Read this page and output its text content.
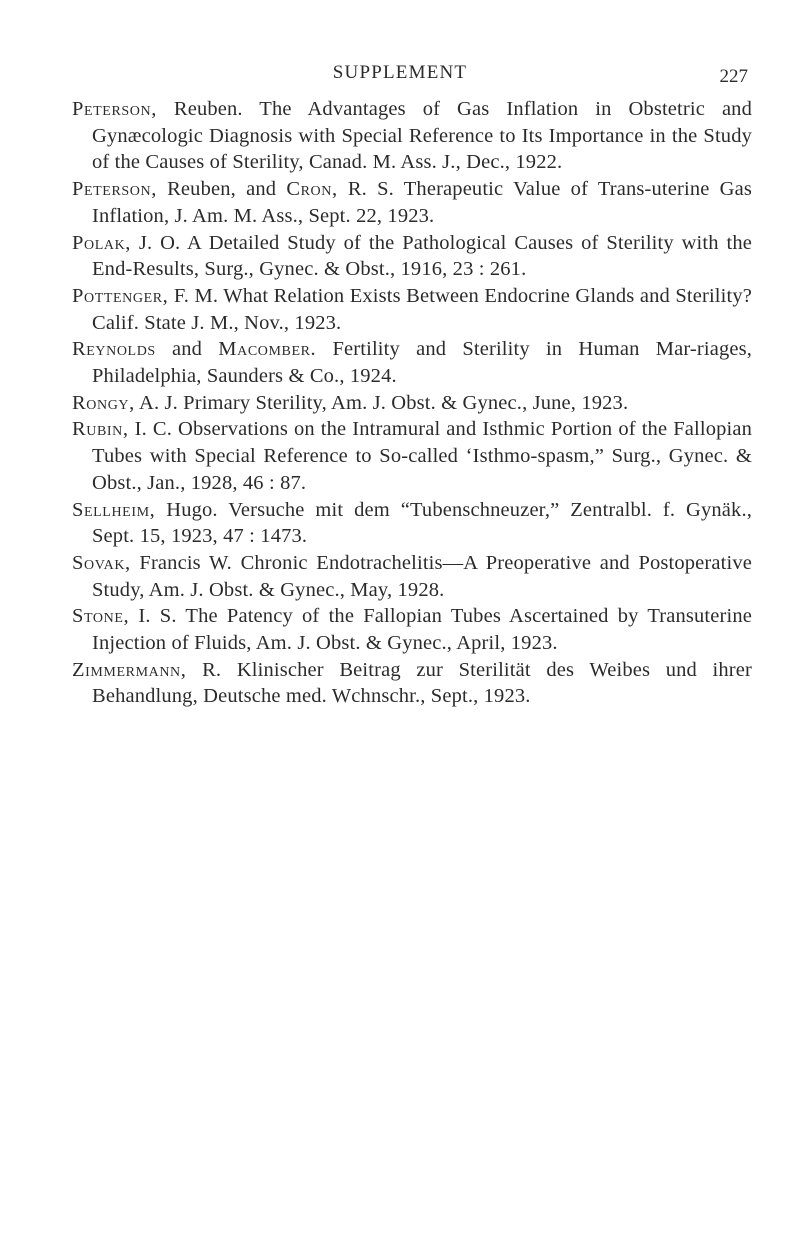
SUPPLEMENT	227
Peterson, Reuben. The Advantages of Gas Inflation in Obstetric and Gynæcologic Diagnosis with Special Reference to Its Importance in the Study of the Causes of Sterility, Canad. M. Ass. J., Dec., 1922.
Peterson, Reuben, and Cron, R. S. Therapeutic Value of Trans-uterine Gas Inflation, J. Am. M. Ass., Sept. 22, 1923.
Polak, J. O. A Detailed Study of the Pathological Causes of Sterility with the End-Results, Surg., Gynec. & Obst., 1916, 23 : 261.
Pottenger, F. M. What Relation Exists Between Endocrine Glands and Sterility? Calif. State J. M., Nov., 1923.
Reynolds and Macomber. Fertility and Sterility in Human Mar-riages, Philadelphia, Saunders & Co., 1924.
Rongy, A. J. Primary Sterility, Am. J. Obst. & Gynec., June, 1923.
Rubin, I. C. Observations on the Intramural and Isthmic Portion of the Fallopian Tubes with Special Reference to So-called ‘Isthmo-spasm,” Surg., Gynec. & Obst., Jan., 1928, 46 : 87.
Sellheim, Hugo. Versuche mit dem “Tubenschneuzer,” Zentralbl. f. Gynäk., Sept. 15, 1923, 47 : 1473.
Sovak, Francis W. Chronic Endotrachelitis—A Preoperative and Postoperative Study, Am. J. Obst. & Gynec., May, 1928.
Stone, I. S. The Patency of the Fallopian Tubes Ascertained by Transuterine Injection of Fluids, Am. J. Obst. & Gynec., April, 1923.
Zimmermann, R. Klinischer Beitrag zur Sterilität des Weibes und ihrer Behandlung, Deutsche med. Wchnschr., Sept., 1923.
